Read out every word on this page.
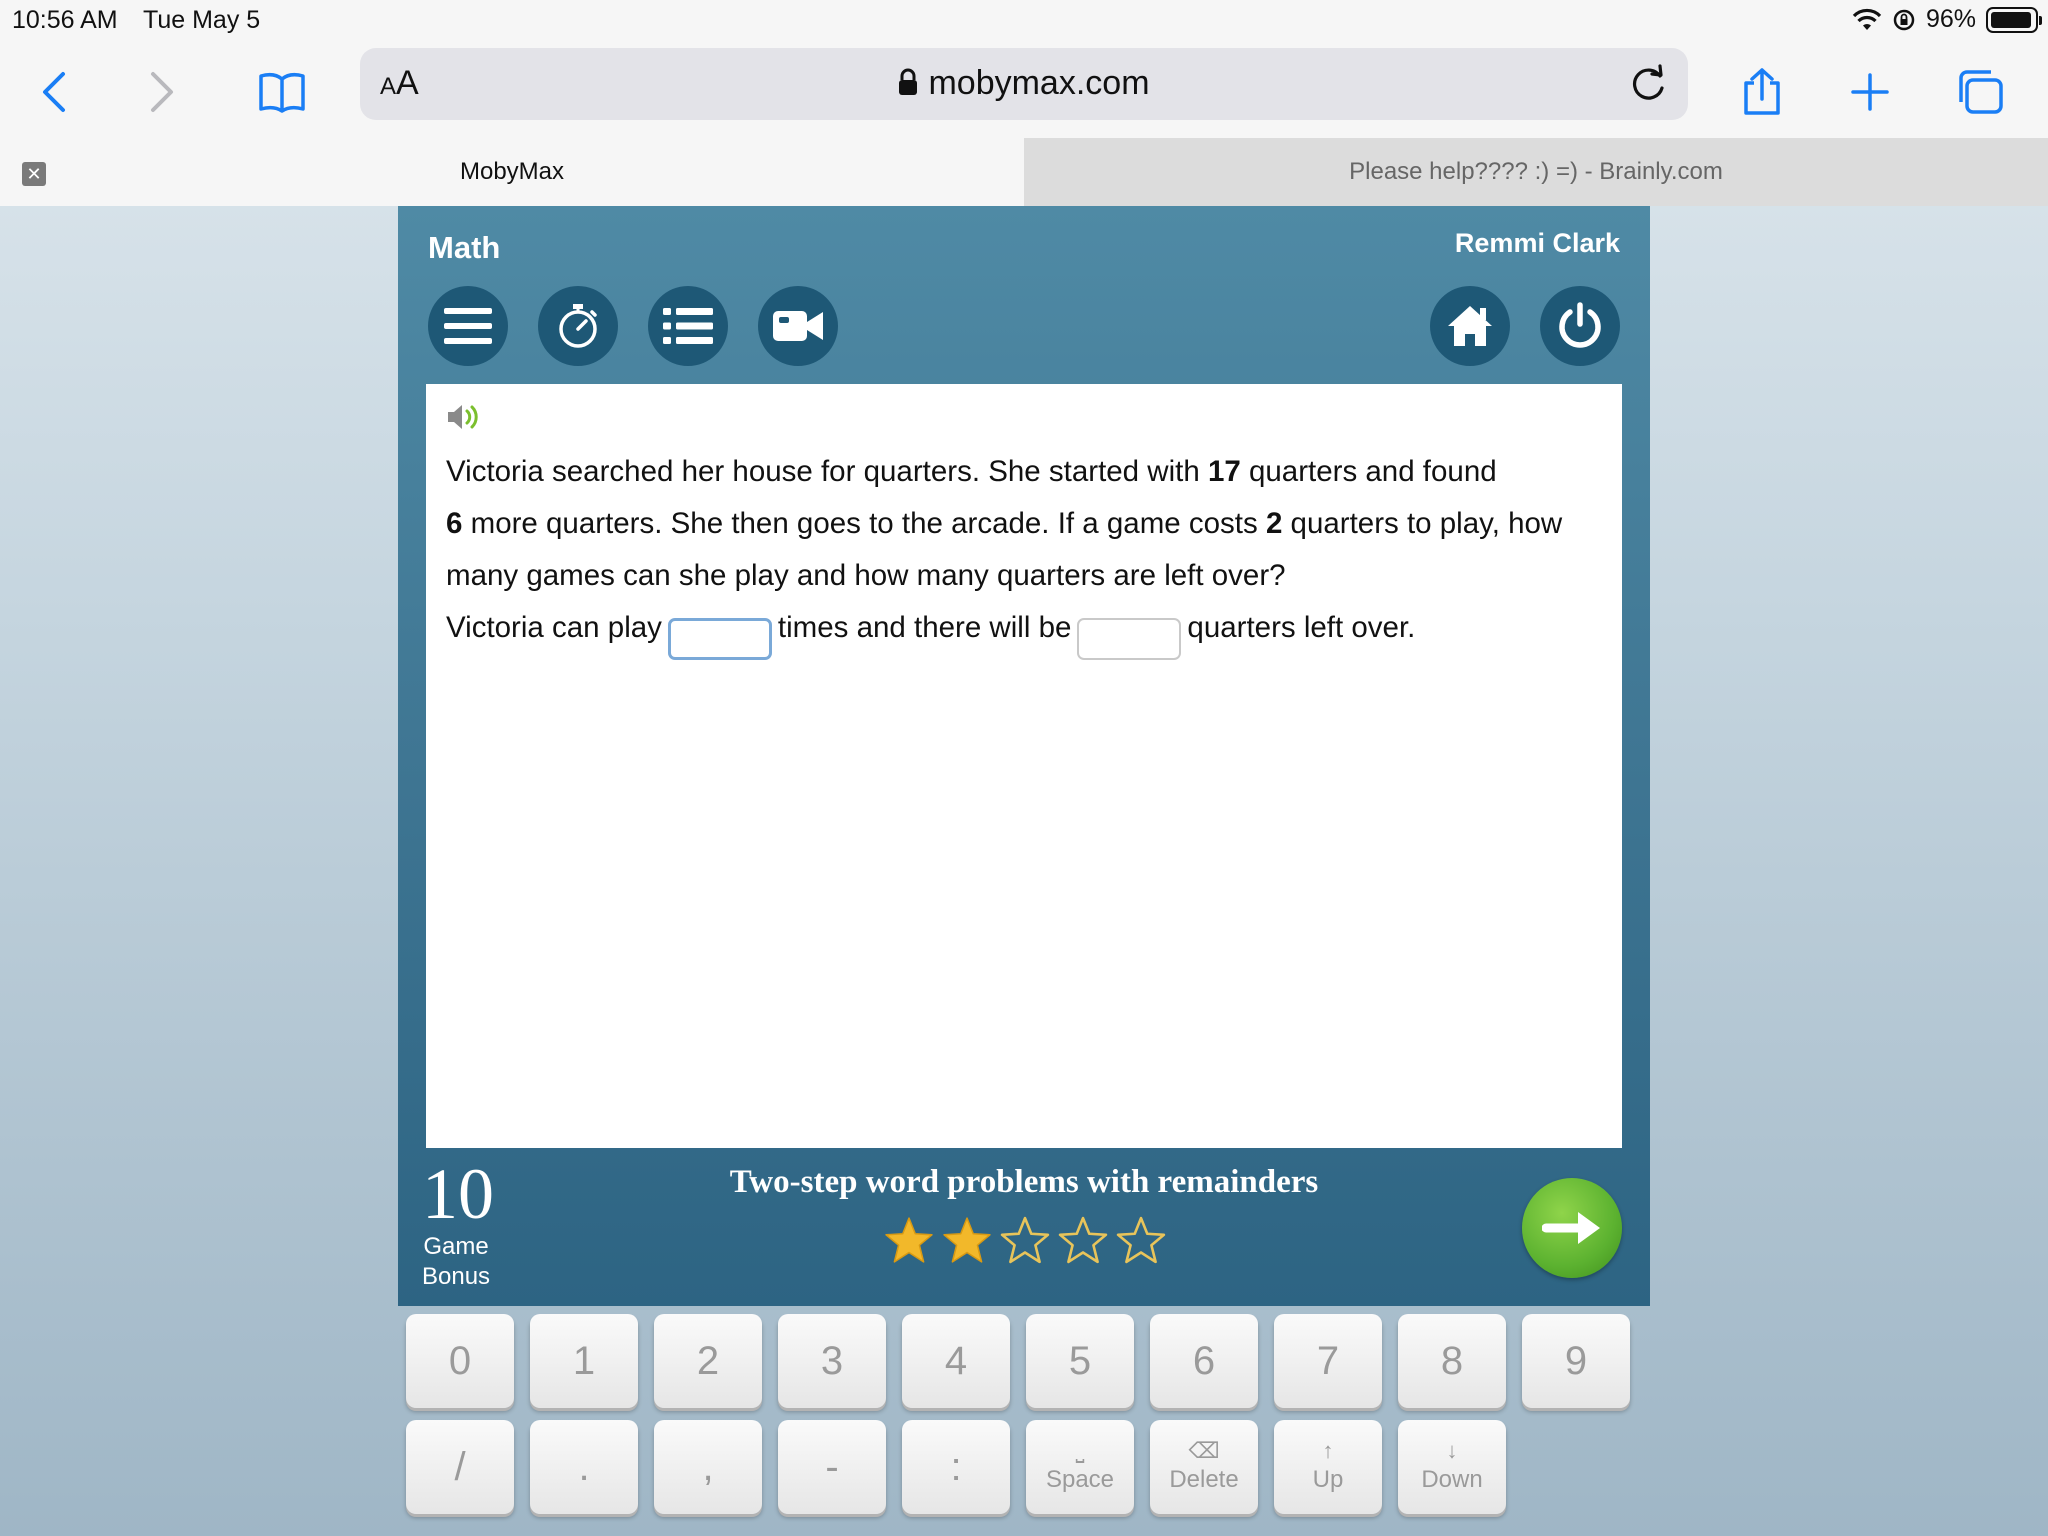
10:56 AM Tue May 5	96%
AA	mobymax.com
MobyMax
✕	Please help???? :) =) - Brainly.com
Math	Remmi Clark
Victoria searched her house for quarters. She started with 17 quarters and found
6 more quarters. She then goes to the arcade. If a game costs 2 quarters to play, how many games can she play and how many quarters are left over?
Victoria can play	times and there will be	quarters left over.
10
Game
Bonus
Two-step word problems with remainders
0	1	2	3	4	5	6	7	8	9
/	.	,	-	:	⎵
Space
⌫
Delete
↑
Up
↓
Down
